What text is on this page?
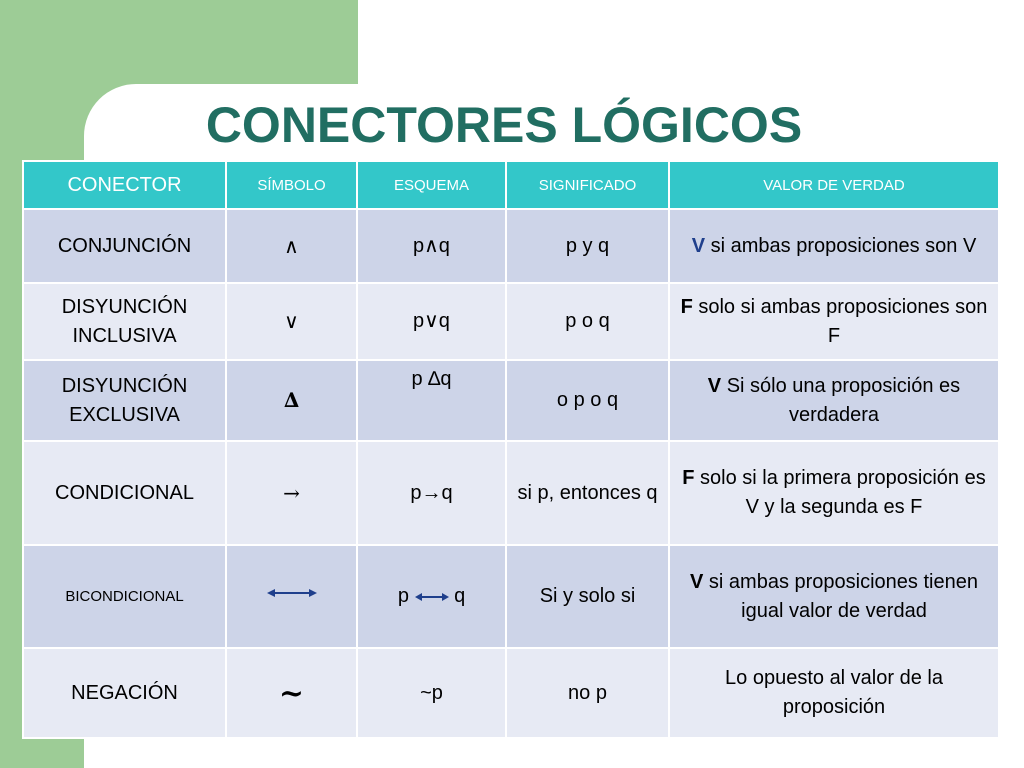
CONECTORES LÓGICOS
CONECTOR	SÍMBOLO	ESQUEMA	SIGNIFICADO	VALOR DE VERDAD
CONJUNCIÓN	∧	p∧q	p y q	V si ambas proposiciones son V
DISYUNCIÓN INCLUSIVA	∨	p∨q	p o q	F solo si ambas proposiciones son F
DISYUNCIÓN EXCLUSIVA	∆	p ∆q	o p o q	V Si sólo una proposición es verdadera
CONDICIONAL	→	p→q	si p, entonces q	F solo si la primera proposición es V y la segunda es F
BICONDICIONAL		p q	Si y solo si	V si ambas proposiciones tienen igual valor de verdad
NEGACIÓN	~	~p	no p	Lo opuesto al valor de la proposición
